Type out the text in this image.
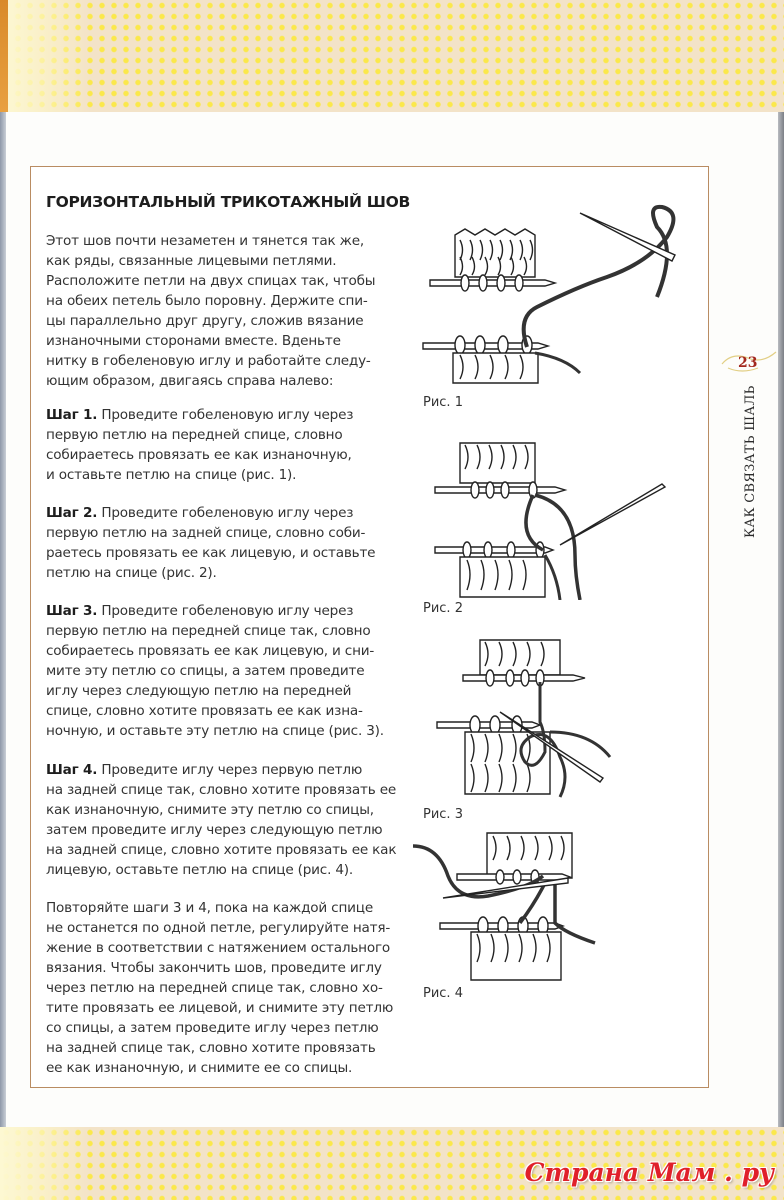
ГОРИЗОНТАЛЬНЫЙ ТРИКОТАЖНЫЙ ШОВ
Этот шов почти незаметен и тянется так же,
как ряды, связанные лицевыми петлями.
Расположите петли на двух спицах так, чтобы
на обеих петель было поровну. Держите спи-
цы параллельно друг другу, сложив вязание
изнаночными сторонами вместе. Вденьте
нитку в гобеленовую иглу и работайте следу-
ющим образом, двигаясь справа налево:
Шаг 1. Проведите гобеленовую иглу через
первую петлю на передней спице, словно
собираетесь провязать ее как изнаночную,
и оставьте петлю на спице (рис. 1).
Шаг 2. Проведите гобеленовую иглу через
первую петлю на задней спице, словно соби-
раетесь провязать ее как лицевую, и оставьте
петлю на спице (рис. 2).
Шаг 3. Проведите гобеленовую иглу через
первую петлю на передней спице так, словно
собираетесь провязать ее как лицевую, и сни-
мите эту петлю со спицы, а затем проведите
иглу через следующую петлю на передней
спице, словно хотите провязать ее как изна-
ночную, и оставьте эту петлю на спице (рис. 3).
Шаг 4. Проведите иглу через первую петлю
на задней спице так, словно хотите провязать ее
как изнаночную, снимите эту петлю со спицы,
затем проведите иглу через следующую петлю
на задней спице, словно хотите провязать ее как
лицевую, оставьте петлю на спице (рис. 4).
Повторяйте шаги 3 и 4, пока на каждой спице
не останется по одной петле, регулируйте натя-
жение в соответствии с натяжением остального
вязания. Чтобы закончить шов, проведите иглу
через петлю на передней спице так, словно хо-
тите провязать ее лицевой, и снимите эту петлю
со спицы, а затем проведите иглу через петлю
на задней спице так, словно хотите провязать
ее как изнаночную, и снимите ее со спицы.
Рис. 1
Рис. 2
Рис. 3
Рис. 4
23
КАК СВЯЗАТЬ ШАЛЬ
Страна Мам . ру
